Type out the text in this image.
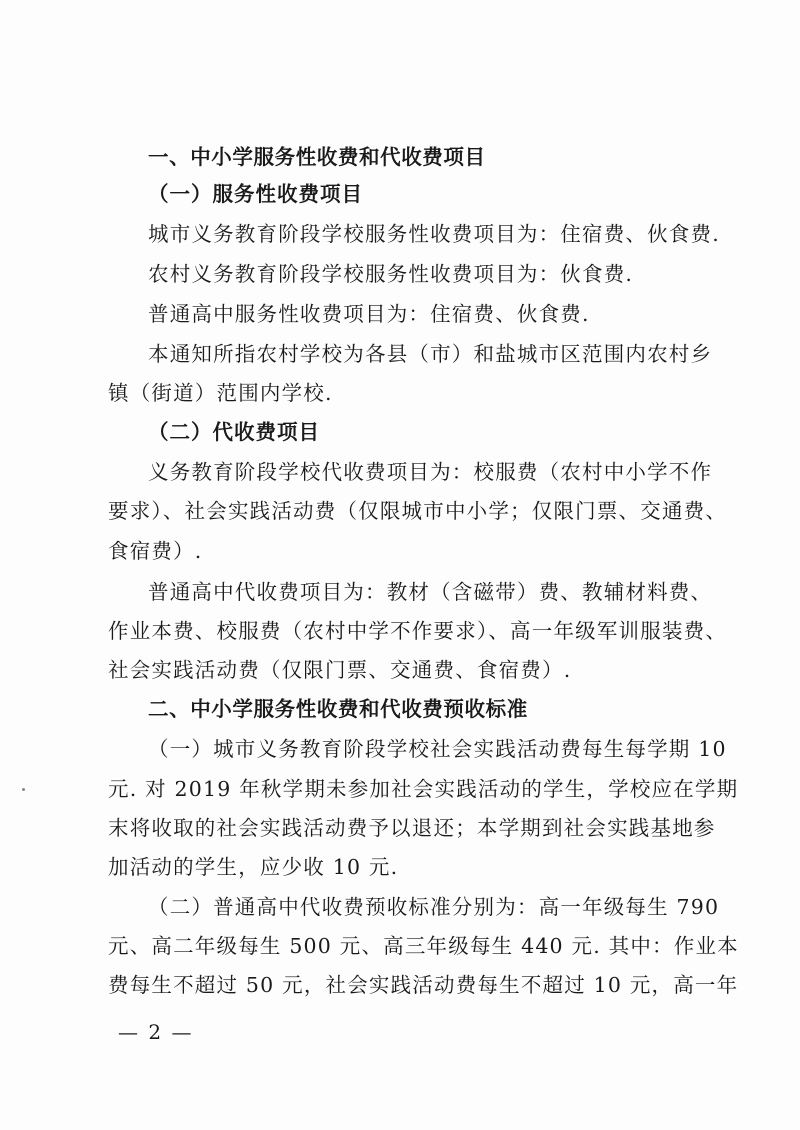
一、中小学服务性收费和代收费项目
（一）服务性收费项目
城市义务教育阶段学校服务性收费项目为：住宿费、伙食费.
农村义务教育阶段学校服务性收费项目为：伙食费.
普通高中服务性收费项目为：住宿费、伙食费.
本通知所指农村学校为各县（市）和盐城市区范围内农村乡
镇（街道）范围内学校.
（二）代收费项目
义务教育阶段学校代收费项目为：校服费（农村中小学不作
要求）、社会实践活动费（仅限城市中小学；仅限门票、交通费、
食宿费）.
普通高中代收费项目为：教材（含磁带）费、教辅材料费、
作业本费、校服费（农村中学不作要求）、高一年级军训服装费、
社会实践活动费（仅限门票、交通费、食宿费）.
二、中小学服务性收费和代收费预收标准
（一）城市义务教育阶段学校社会实践活动费每生每学期 10
元. 对 2019 年秋学期未参加社会实践活动的学生，学校应在学期
末将收取的社会实践活动费予以退还；本学期到社会实践基地参
加活动的学生，应少收 10 元.
（二）普通高中代收费预收标准分别为：高一年级每生 790
元、高二年级每生 500 元、高三年级每生 440 元. 其中：作业本
费每生不超过 50 元，社会实践活动费每生不超过 10 元，高一年
— 2 —
